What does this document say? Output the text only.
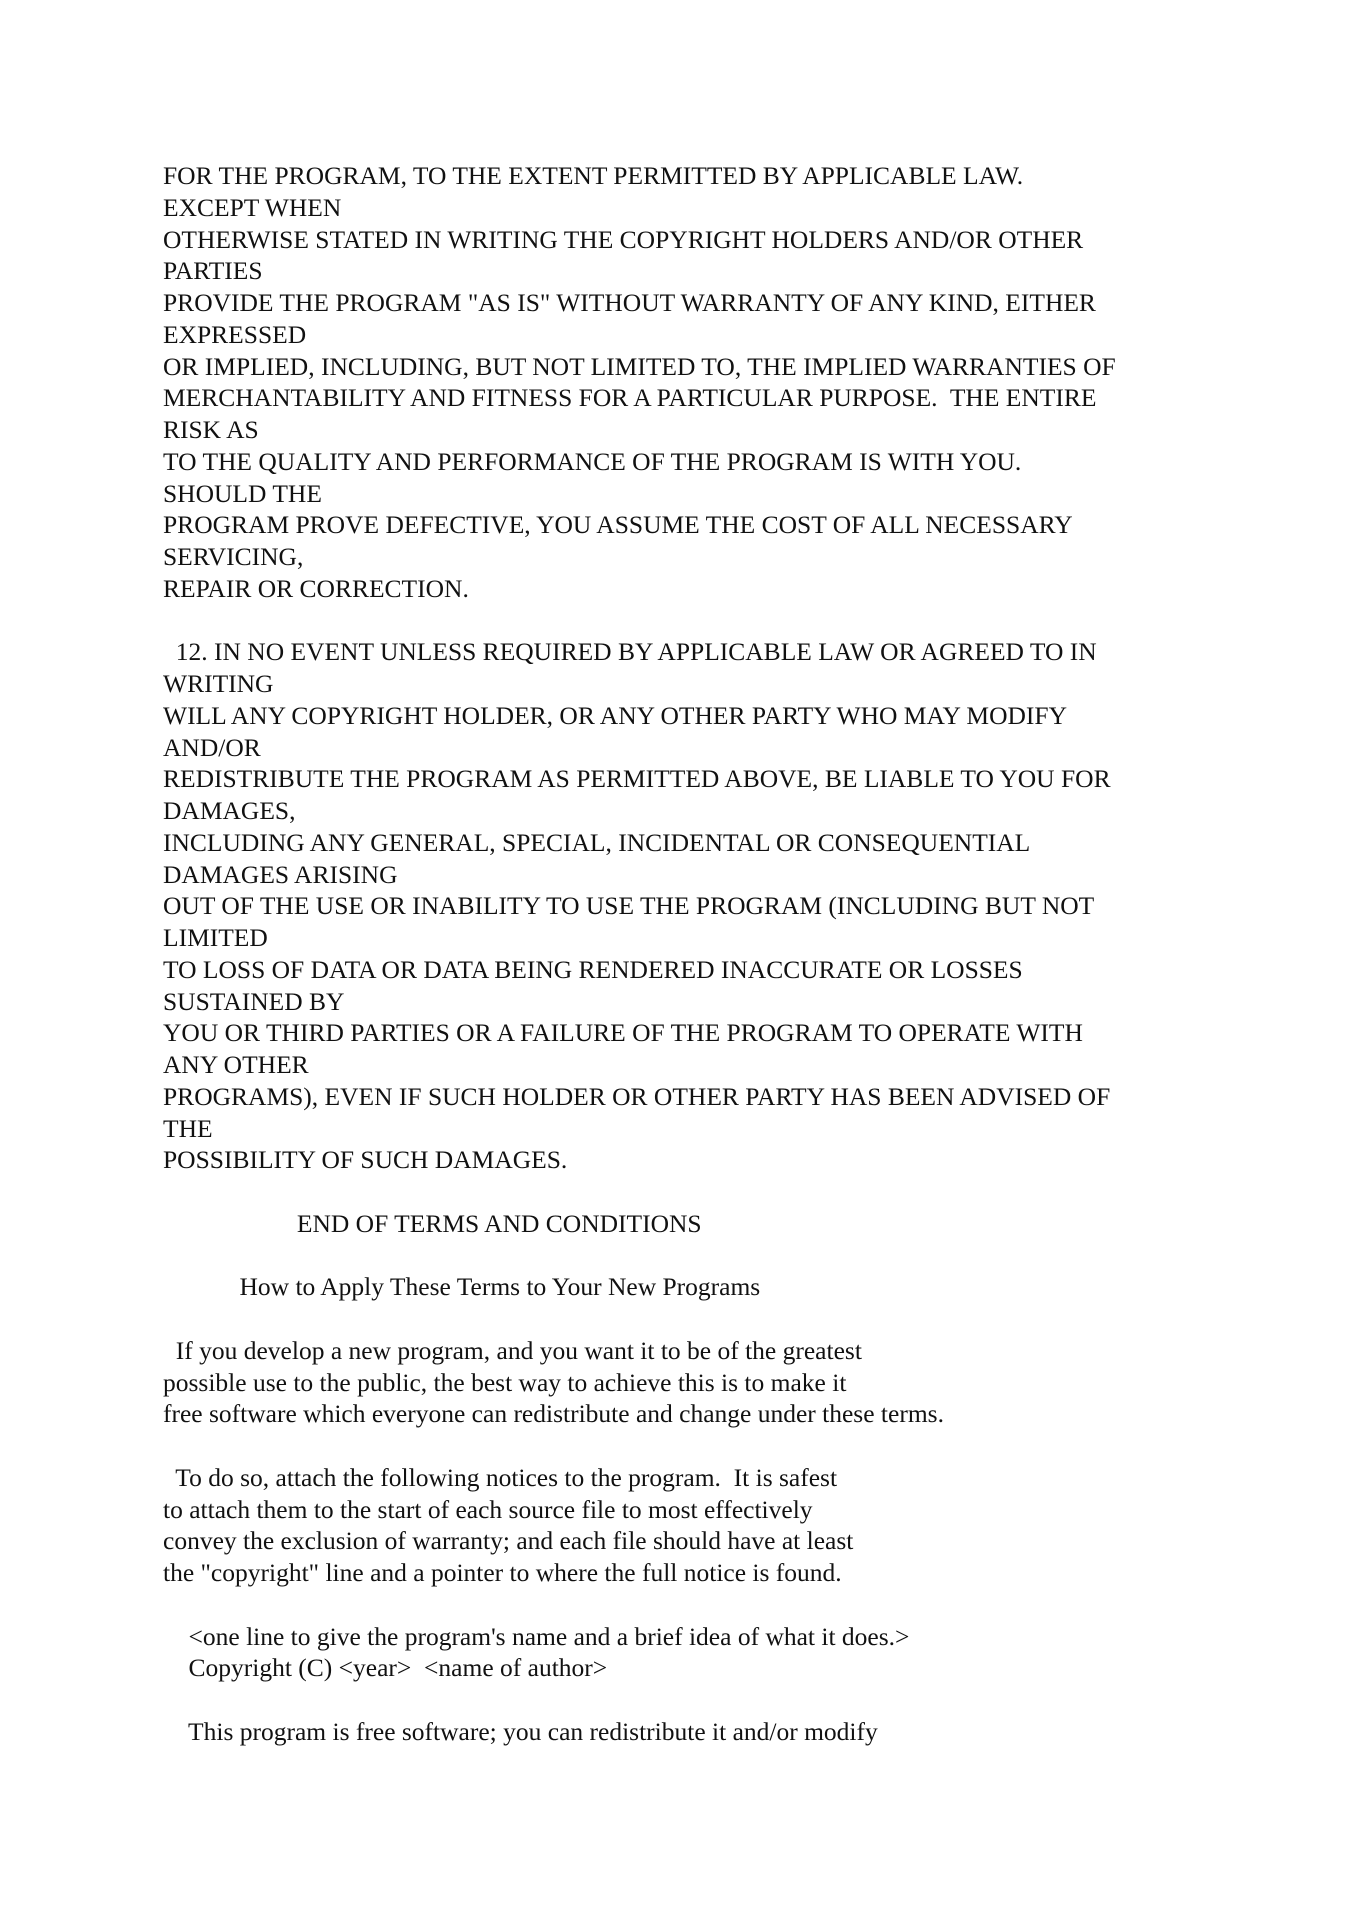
FOR THE PROGRAM, TO THE EXTENT PERMITTED BY APPLICABLE LAW.
EXCEPT WHEN
OTHERWISE STATED IN WRITING THE COPYRIGHT HOLDERS AND/OR OTHER
PARTIES
PROVIDE THE PROGRAM "AS IS" WITHOUT WARRANTY OF ANY KIND, EITHER
EXPRESSED
OR IMPLIED, INCLUDING, BUT NOT LIMITED TO, THE IMPLIED WARRANTIES OF
MERCHANTABILITY AND FITNESS FOR A PARTICULAR PURPOSE.  THE ENTIRE
RISK AS
TO THE QUALITY AND PERFORMANCE OF THE PROGRAM IS WITH YOU.
SHOULD THE
PROGRAM PROVE DEFECTIVE, YOU ASSUME THE COST OF ALL NECESSARY
SERVICING,
REPAIR OR CORRECTION.
12. IN NO EVENT UNLESS REQUIRED BY APPLICABLE LAW OR AGREED TO IN
WRITING
WILL ANY COPYRIGHT HOLDER, OR ANY OTHER PARTY WHO MAY MODIFY
AND/OR
REDISTRIBUTE THE PROGRAM AS PERMITTED ABOVE, BE LIABLE TO YOU FOR
DAMAGES,
INCLUDING ANY GENERAL, SPECIAL, INCIDENTAL OR CONSEQUENTIAL
DAMAGES ARISING
OUT OF THE USE OR INABILITY TO USE THE PROGRAM (INCLUDING BUT NOT
LIMITED
TO LOSS OF DATA OR DATA BEING RENDERED INACCURATE OR LOSSES
SUSTAINED BY
YOU OR THIRD PARTIES OR A FAILURE OF THE PROGRAM TO OPERATE WITH
ANY OTHER
PROGRAMS), EVEN IF SUCH HOLDER OR OTHER PARTY HAS BEEN ADVISED OF
THE
POSSIBILITY OF SUCH DAMAGES.
END OF TERMS AND CONDITIONS
How to Apply These Terms to Your New Programs
If you develop a new program, and you want it to be of the greatest
possible use to the public, the best way to achieve this is to make it
free software which everyone can redistribute and change under these terms.
To do so, attach the following notices to the program.  It is safest
to attach them to the start of each source file to most effectively
convey the exclusion of warranty; and each file should have at least
the "copyright" line and a pointer to where the full notice is found.
<one line to give the program's name and a brief idea of what it does.>
Copyright (C) <year>  <name of author>
This program is free software; you can redistribute it and/or modify
